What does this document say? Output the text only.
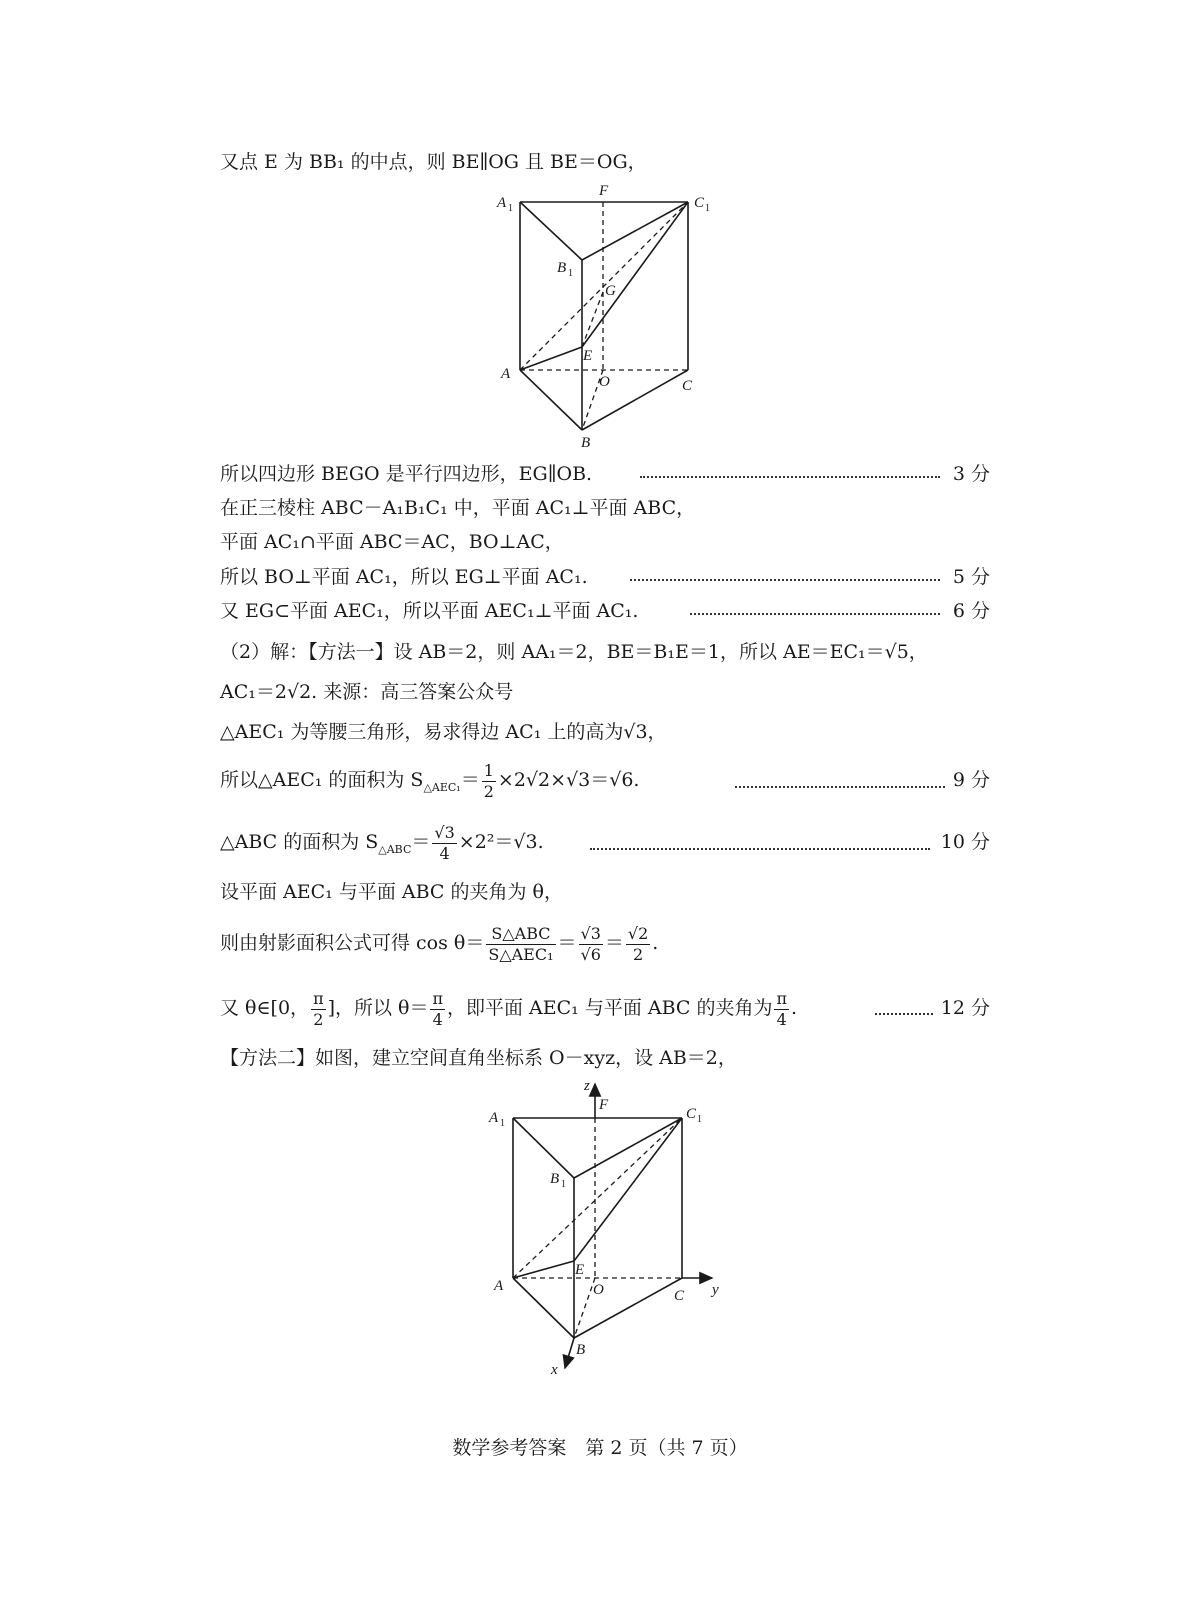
又点 E 为 BB₁ 的中点，则 BE∥OG 且 BE＝OG，
A 1
F
C 1
B 1
G
E
A	O	C
B
所以四边形 BEGO 是平行四边形，EG∥OB.	3 分
在正三棱柱 ABC－A₁B₁C₁ 中，平面 AC₁⊥平面 ABC，
平面 AC₁∩平面 ABC＝AC，BO⊥AC，
所以 BO⊥平面 AC₁，所以 EG⊥平面 AC₁.	5 分
又 EG⊂平面 AEC₁，所以平面 AEC₁⊥平面 AC₁.	6 分
（2）解：【方法一】设 AB＝2，则 AA₁＝2，BE＝B₁E＝1，所以 AE＝EC₁＝√5，
AC₁＝2√2. 来源：高三答案公众号
△AEC₁ 为等腰三角形，易求得边 AC₁ 上的高为√3，
所以△AEC₁ 的面积为 $S_{\triangle AEC_1}= \frac{1}{2} \times 2√2\times√3=√6$.	9 分
△ABC 的面积为 $S_{\triangle ABC}= \frac{√3}{4} \times 2^2=√3$.	10 分
设平面 AEC₁ 与平面 ABC 的夹角为 θ，
则由射影面积公式可得 $\cos \theta= \frac{\text{S△ABC}}{\text{S△AEC₁}} = \frac{√3}{√6} = \frac{√2}{2}$ .
又 θ∈[0， $\frac{\pi}{2}$ ]，所以 $\theta= \frac{\pi}{4}$ ，即平面 AEC₁ 与平面 ABC 的夹角为 $\frac{\pi}{4}$ .	12 分
【方法二】如图，建立空间直角坐标系 O－xyz，设 AB＝2，
z
F
A 1
C 1
B 1
E
A	O	C y
B
x
数学参考答案　第 2 页（共 7 页）
